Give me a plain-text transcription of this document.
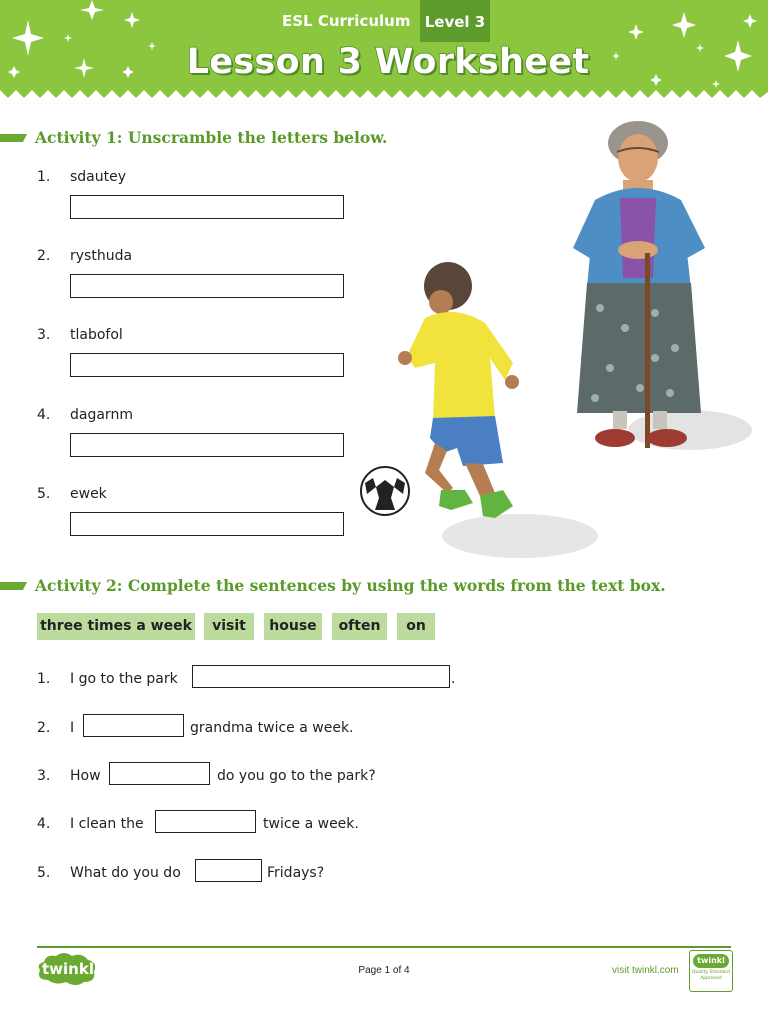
ESL Curriculum Level 3
Lesson 3 Worksheet
Activity 1: Unscramble the letters below.
1. sdautey
2. rysthuda
3. tlabofol
4. dagarnm
5. ewek
Activity 2: Complete the sentences by using the words from the text box.
three times a week	visit	house	often	on
1. I go to the park	.
2. I	grandma twice a week.
3. How	do you go to the park?
4. I clean the	twice a week.
5. What do you do	Fridays?
twinkl	Page 1 of 4	visit twinkl.com
twinkl
Quality Standard Approved
